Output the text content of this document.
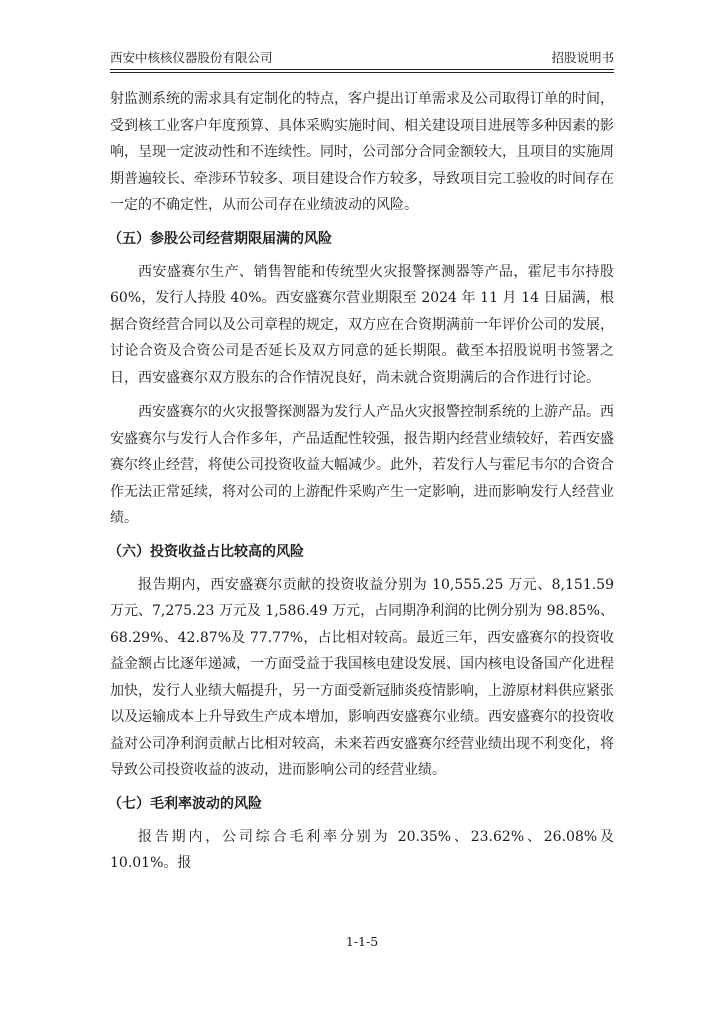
西安中核核仪器股份有限公司	招股说明书

射监测系统的需求具有定制化的特点，客户提出订单需求及公司取得订单的时间，受到核工业客户年度预算、具体采购实施时间、相关建设项目进展等多种因素的影响，呈现一定波动性和不连续性。同时，公司部分合同金额较大，且项目的实施周期普遍较长、牵涉环节较多、项目建设合作方较多，导致项目完工验收的时间存在一定的不确定性，从而公司存在业绩波动的风险。

（五）参股公司经营期限届满的风险

西安盛赛尔生产、销售智能和传统型火灾报警探测器等产品，霍尼韦尔持股60%，发行人持股 40%。西安盛赛尔营业期限至 2024 年 11 月 14 日届满，根据合资经营合同以及公司章程的规定，双方应在合资期满前一年评价公司的发展，讨论合资及合资公司是否延长及双方同意的延长期限。截至本招股说明书签署之日，西安盛赛尔双方股东的合作情况良好，尚未就合资期满后的合作进行讨论。

西安盛赛尔的火灾报警探测器为发行人产品火灾报警控制系统的上游产品。西安盛赛尔与发行人合作多年，产品适配性较强，报告期内经营业绩较好，若西安盛赛尔终止经营，将使公司投资收益大幅减少。此外，若发行人与霍尼韦尔的合资合作无法正常延续，将对公司的上游配件采购产生一定影响，进而影响发行人经营业绩。

（六）投资收益占比较高的风险

报告期内，西安盛赛尔贡献的投资收益分别为 10,555.25 万元、8,151.59 万元、7,275.23 万元及 1,586.49 万元，占同期净利润的比例分别为 98.85%、68.29%、42.87%及 77.77%，占比相对较高。最近三年，西安盛赛尔的投资收益金额占比逐年递减，一方面受益于我国核电建设发展、国内核电设备国产化进程加快，发行人业绩大幅提升，另一方面受新冠肺炎疫情影响，上游原材料供应紧张以及运输成本上升导致生产成本增加，影响西安盛赛尔业绩。西安盛赛尔的投资收益对公司净利润贡献占比相对较高，未来若西安盛赛尔经营业绩出现不利变化，将导致公司投资收益的波动，进而影响公司的经营业绩。

（七）毛利率波动的风险

报告期内，公司综合毛利率分别为 20.35%、23.62%、26.08%及 10.01%。报

1-1-5
